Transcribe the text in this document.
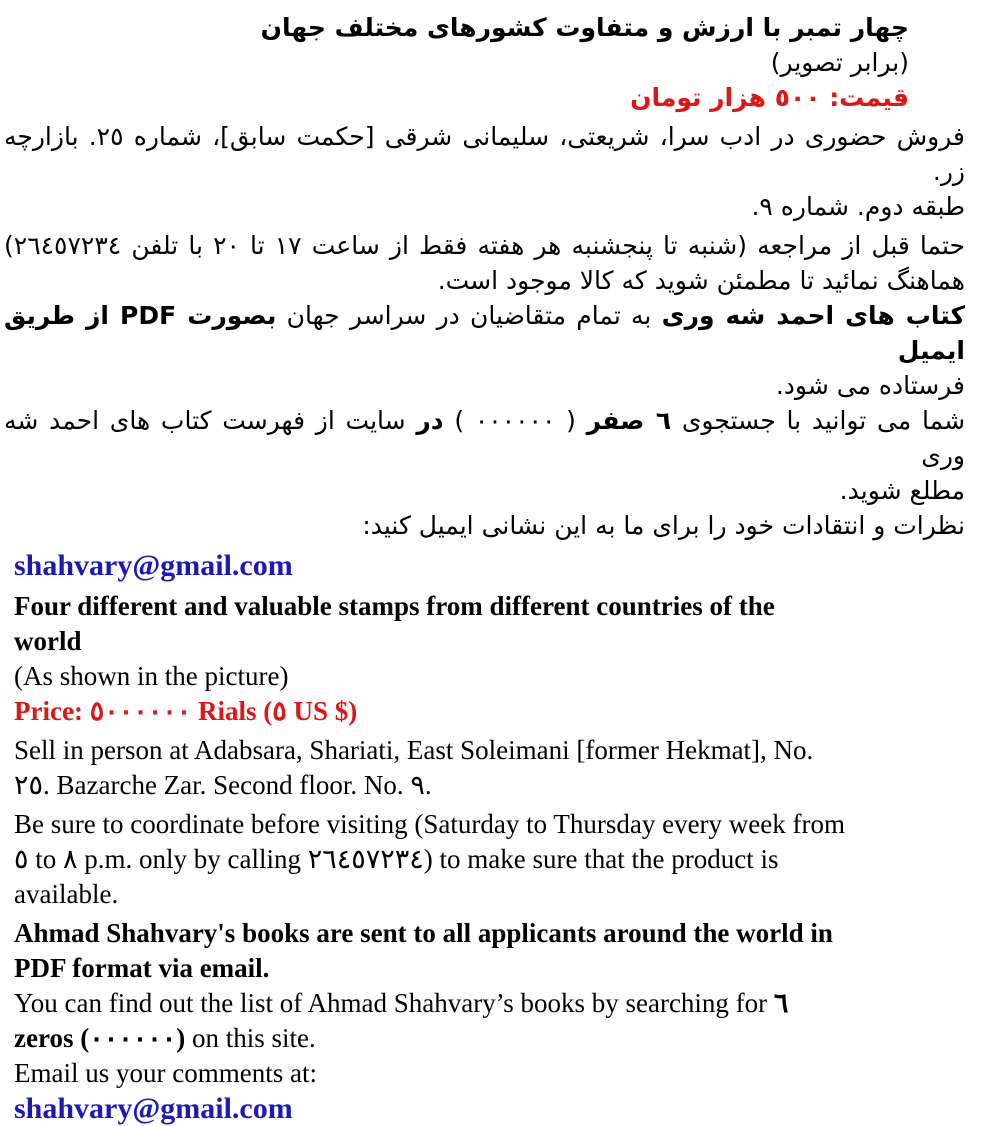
چهار تمبر با ارزش و متفاوت کشورهای مختلف جهان

(برابر تصویر)

قیمت: ٥٠٠ هزار تومان

فروش حضوری در ادب سرا، شریعتی، سلیمانی شرقی [حکمت سابق]، شماره ٢٥. بازارچه زر.

طبقه دوم. شماره ٩.

حتما قبل از مراجعه (شنبه تا پنجشنبه هر هفته فقط از ساعت ١٧ تا ٢٠ با تلفن ٢٦٤٥٧٢٣٤)

هماهنگ نمائید تا مطمئن شوید که کالا موجود است.

کتاب های احمد شه وری به تمام متقاضیان در سراسر جهان بصورت PDF از طریق ایمیل

فرستاده می شود.

شما می توانید با جستجوی ٦ صفر ( ٠٠٠٠٠٠ ) در سایت از فهرست کتاب های احمد شه وری

مطلع شوید.

نظرات و انتقادات خود را برای ما به این نشانی ایمیل کنید:

shahvary@gmail.com

Four different and valuable stamps from different countries of the

world

(As shown in the picture)

Price: ٥٠٠٠٠٠٠ Rials (٥ US $)

Sell in person at Adabsara, Shariati, East Soleimani [former Hekmat], No.

٢٥. Bazarche Zar. Second floor. No. ٩.

Be sure to coordinate before visiting (Saturday to Thursday every week from

٥ to ٨ p.m. only by calling ٢٦٤٥٧٢٣٤) to make sure that the product is

available.

Ahmad Shahvary's books are sent to all applicants around the world in

PDF format via email.

You can find out the list of Ahmad Shahvary’s books by searching for ٦

zeros (٠٠٠٠٠٠) on this site.

Email us your comments at:

shahvary@gmail.com
